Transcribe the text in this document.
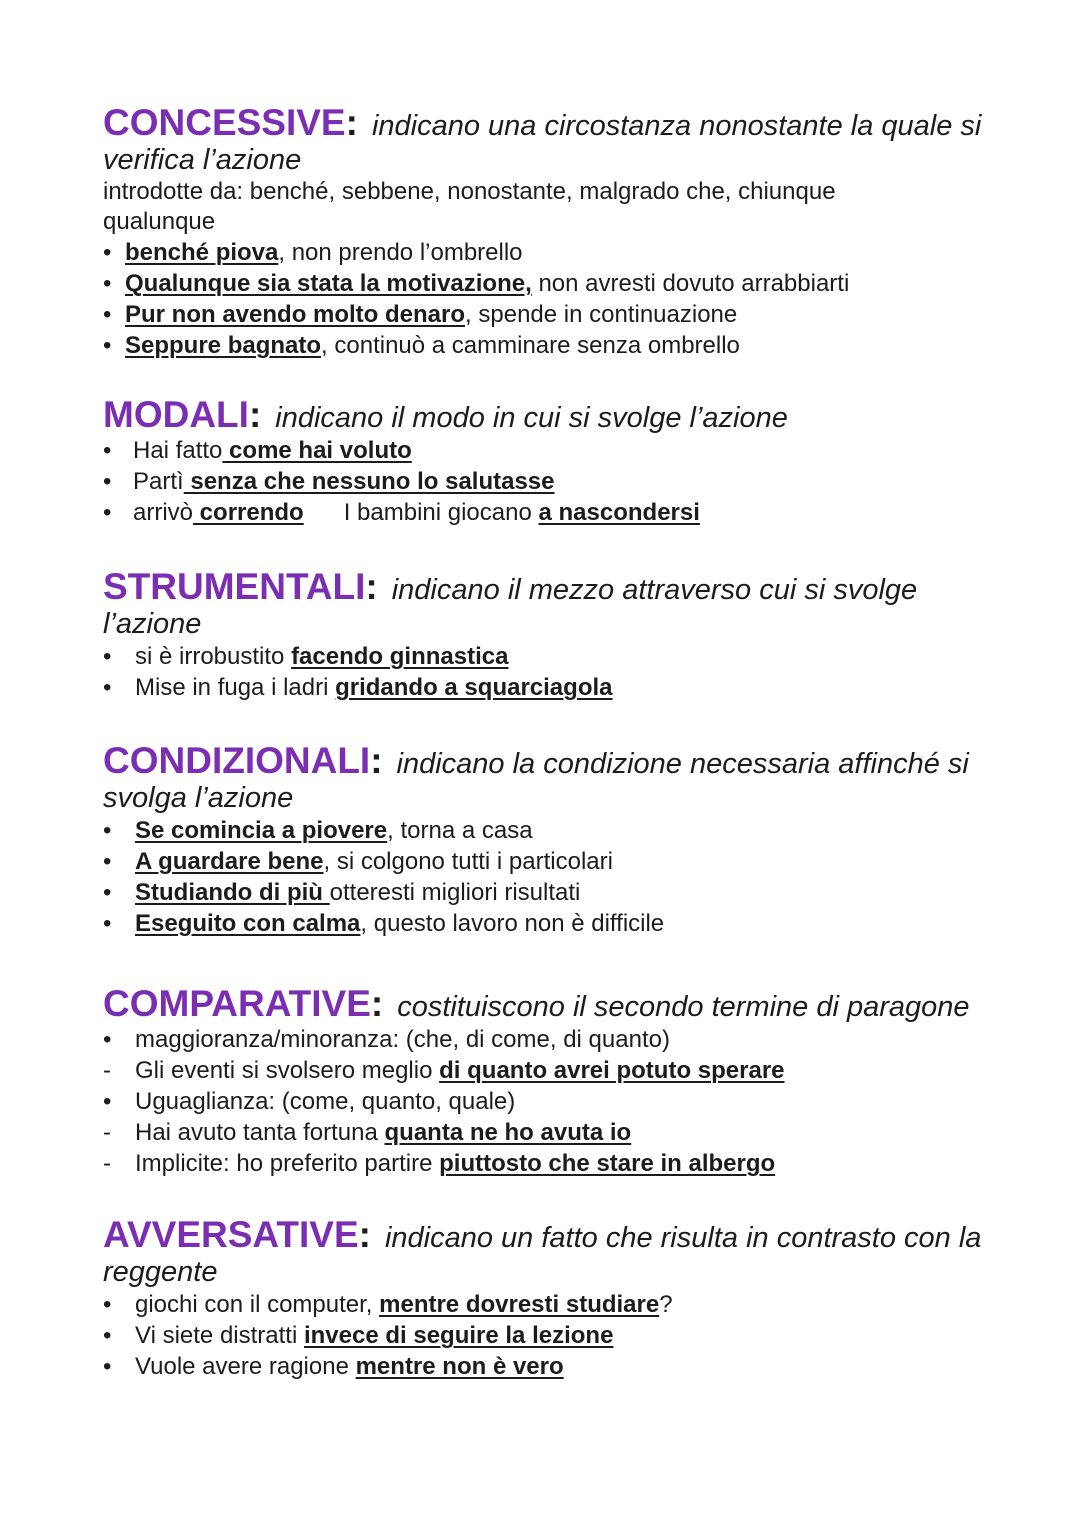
CONCESSIVE: indicano una circostanza nonostante la quale si verifica l’azione
introdotte da: benché, sebbene, nonostante, malgrado che, chiunque qualunque
• benché piova, non prendo l’ombrello
• Qualunque sia stata la motivazione, non avresti dovuto arrabbiarti
• Pur non avendo molto denaro, spende in continuazione
• Seppure bagnato, continuò a camminare senza ombrello
MODALI: indicano il modo in cui si svolge l’azione
• Hai fatto come hai voluto
• Partì senza che nessuno lo salutasse
• arrivò correndo I bambini giocano a nascondersi
STRUMENTALI: indicano il mezzo attraverso cui si svolge l’azione
• si è irrobustito facendo ginnastica
• Mise in fuga i ladri gridando a squarciagola
CONDIZIONALI: indicano la condizione necessaria affinché si svolga l’azione
• Se comincia a piovere, torna a casa
• A guardare bene, si colgono tutti i particolari
• Studiando di più otteresti migliori risultati
• Eseguito con calma, questo lavoro non è difficile
COMPARATIVE: costituiscono il secondo termine di paragone
• maggioranza/minoranza: (che, di come, di quanto)
- Gli eventi si svolsero meglio di quanto avrei potuto sperare
• Uguaglianza: (come, quanto, quale)
- Hai avuto tanta fortuna quanta ne ho avuta io
- Implicite: ho preferito partire piuttosto che stare in albergo
AVVERSATIVE: indicano un fatto che risulta in contrasto con la reggente
• giochi con il computer, mentre dovresti studiare?
• Vi siete distratti invece di seguire la lezione
• Vuole avere ragione mentre non è vero
